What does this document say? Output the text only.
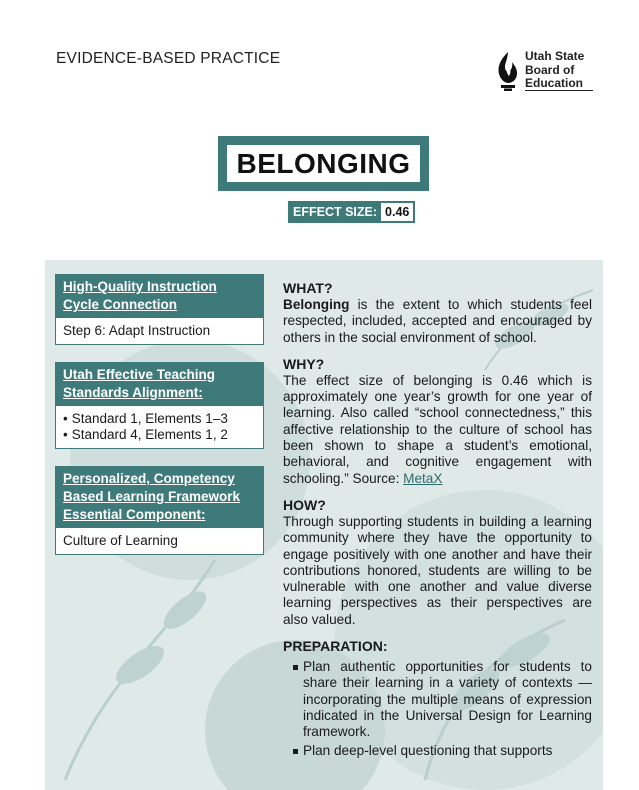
EVIDENCE-BASED PRACTICE	Utah State
Board of
Education
BELONGING
EFFECT SIZE: 0.46
High-Quality Instruction Cycle Connection
Step 6: Adapt Instruction
Utah Effective Teaching Standards Alignment:
• Standard 1, Elements 1–3
• Standard 4, Elements 1, 2
Personalized, Competency Based Learning Framework Essential Component:
Culture of Learning
WHAT?

Belonging is the extent to which students feel respected, included, accepted and encouraged by others in the social environment of school.

WHY?

The effect size of belonging is 0.46 which is approximately one year’s growth for one year of learning. Also called “school connectedness,” this affective relationship to the culture of school has been shown to shape a student’s emotional, behavioral, and cognitive engagement with schooling.” Source: MetaX

HOW?

Through supporting students in building a learning community where they have the opportunity to engage positively with one another and have their contributions honored, students are willing to be vulnerable with one another and value diverse learning perspectives as their perspectives are also valued.

PREPARATION:
Plan authentic opportunities for students to share their learning in a variety of contexts — incorporating the multiple means of expression indicated in the Universal Design for Learning framework.
Plan deep-level questioning that supports
